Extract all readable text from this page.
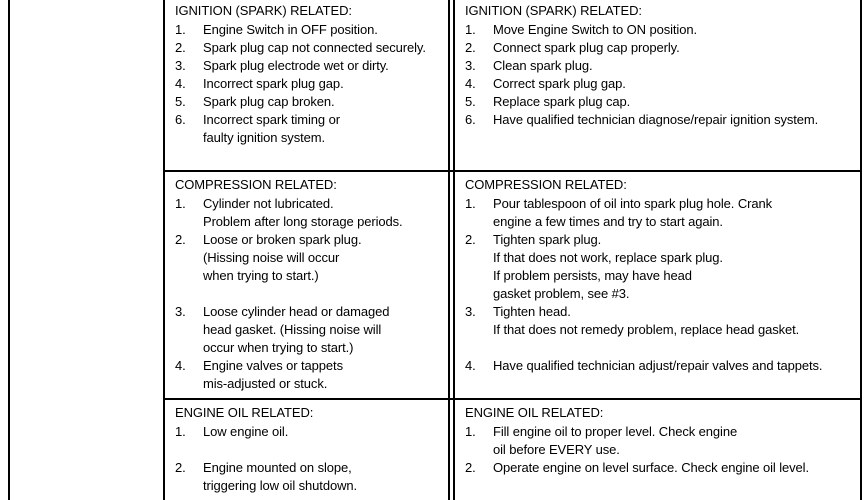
IGNITION (SPARK) RELATED:
1.	Engine Switch in OFF position.
2.	Spark plug cap not connected securely.
3.	Spark plug electrode wet or dirty.
4.	Incorrect spark plug gap.
5.	Spark plug cap broken.
6.	Incorrect spark timing or
faulty ignition system.
IGNITION (SPARK) RELATED:
1.	Move Engine Switch to ON position.
2.	Connect spark plug cap properly.
3.	Clean spark plug.
4.	Correct spark plug gap.
5.	Replace spark plug cap.
6.	Have qualified technician diagnose/repair ignition system.
COMPRESSION RELATED:
1.	Cylinder not lubricated.
Problem after long storage periods.
2.	Loose or broken spark plug.
(Hissing noise will occur
when trying to start.)
3.	Loose cylinder head or damaged
head gasket. (Hissing noise will
occur when trying to start.)
4.	Engine valves or tappets
mis-adjusted or stuck.
COMPRESSION RELATED:
1.	Pour tablespoon of oil into spark plug hole. Crank
engine a few times and try to start again.
2.	Tighten spark plug.
If that does not work, replace spark plug.
If problem persists, may have head
gasket problem, see #3.
3.	Tighten head.
If that does not remedy problem, replace head gasket.
4.	Have qualified technician adjust/repair valves and tappets.
ENGINE OIL RELATED:
1.	Low engine oil.
2.	Engine mounted on slope,
triggering low oil shutdown.
ENGINE OIL RELATED:
1.	Fill engine oil to proper level. Check engine
oil before EVERY use.
2.	Operate engine on level surface. Check engine oil level.
